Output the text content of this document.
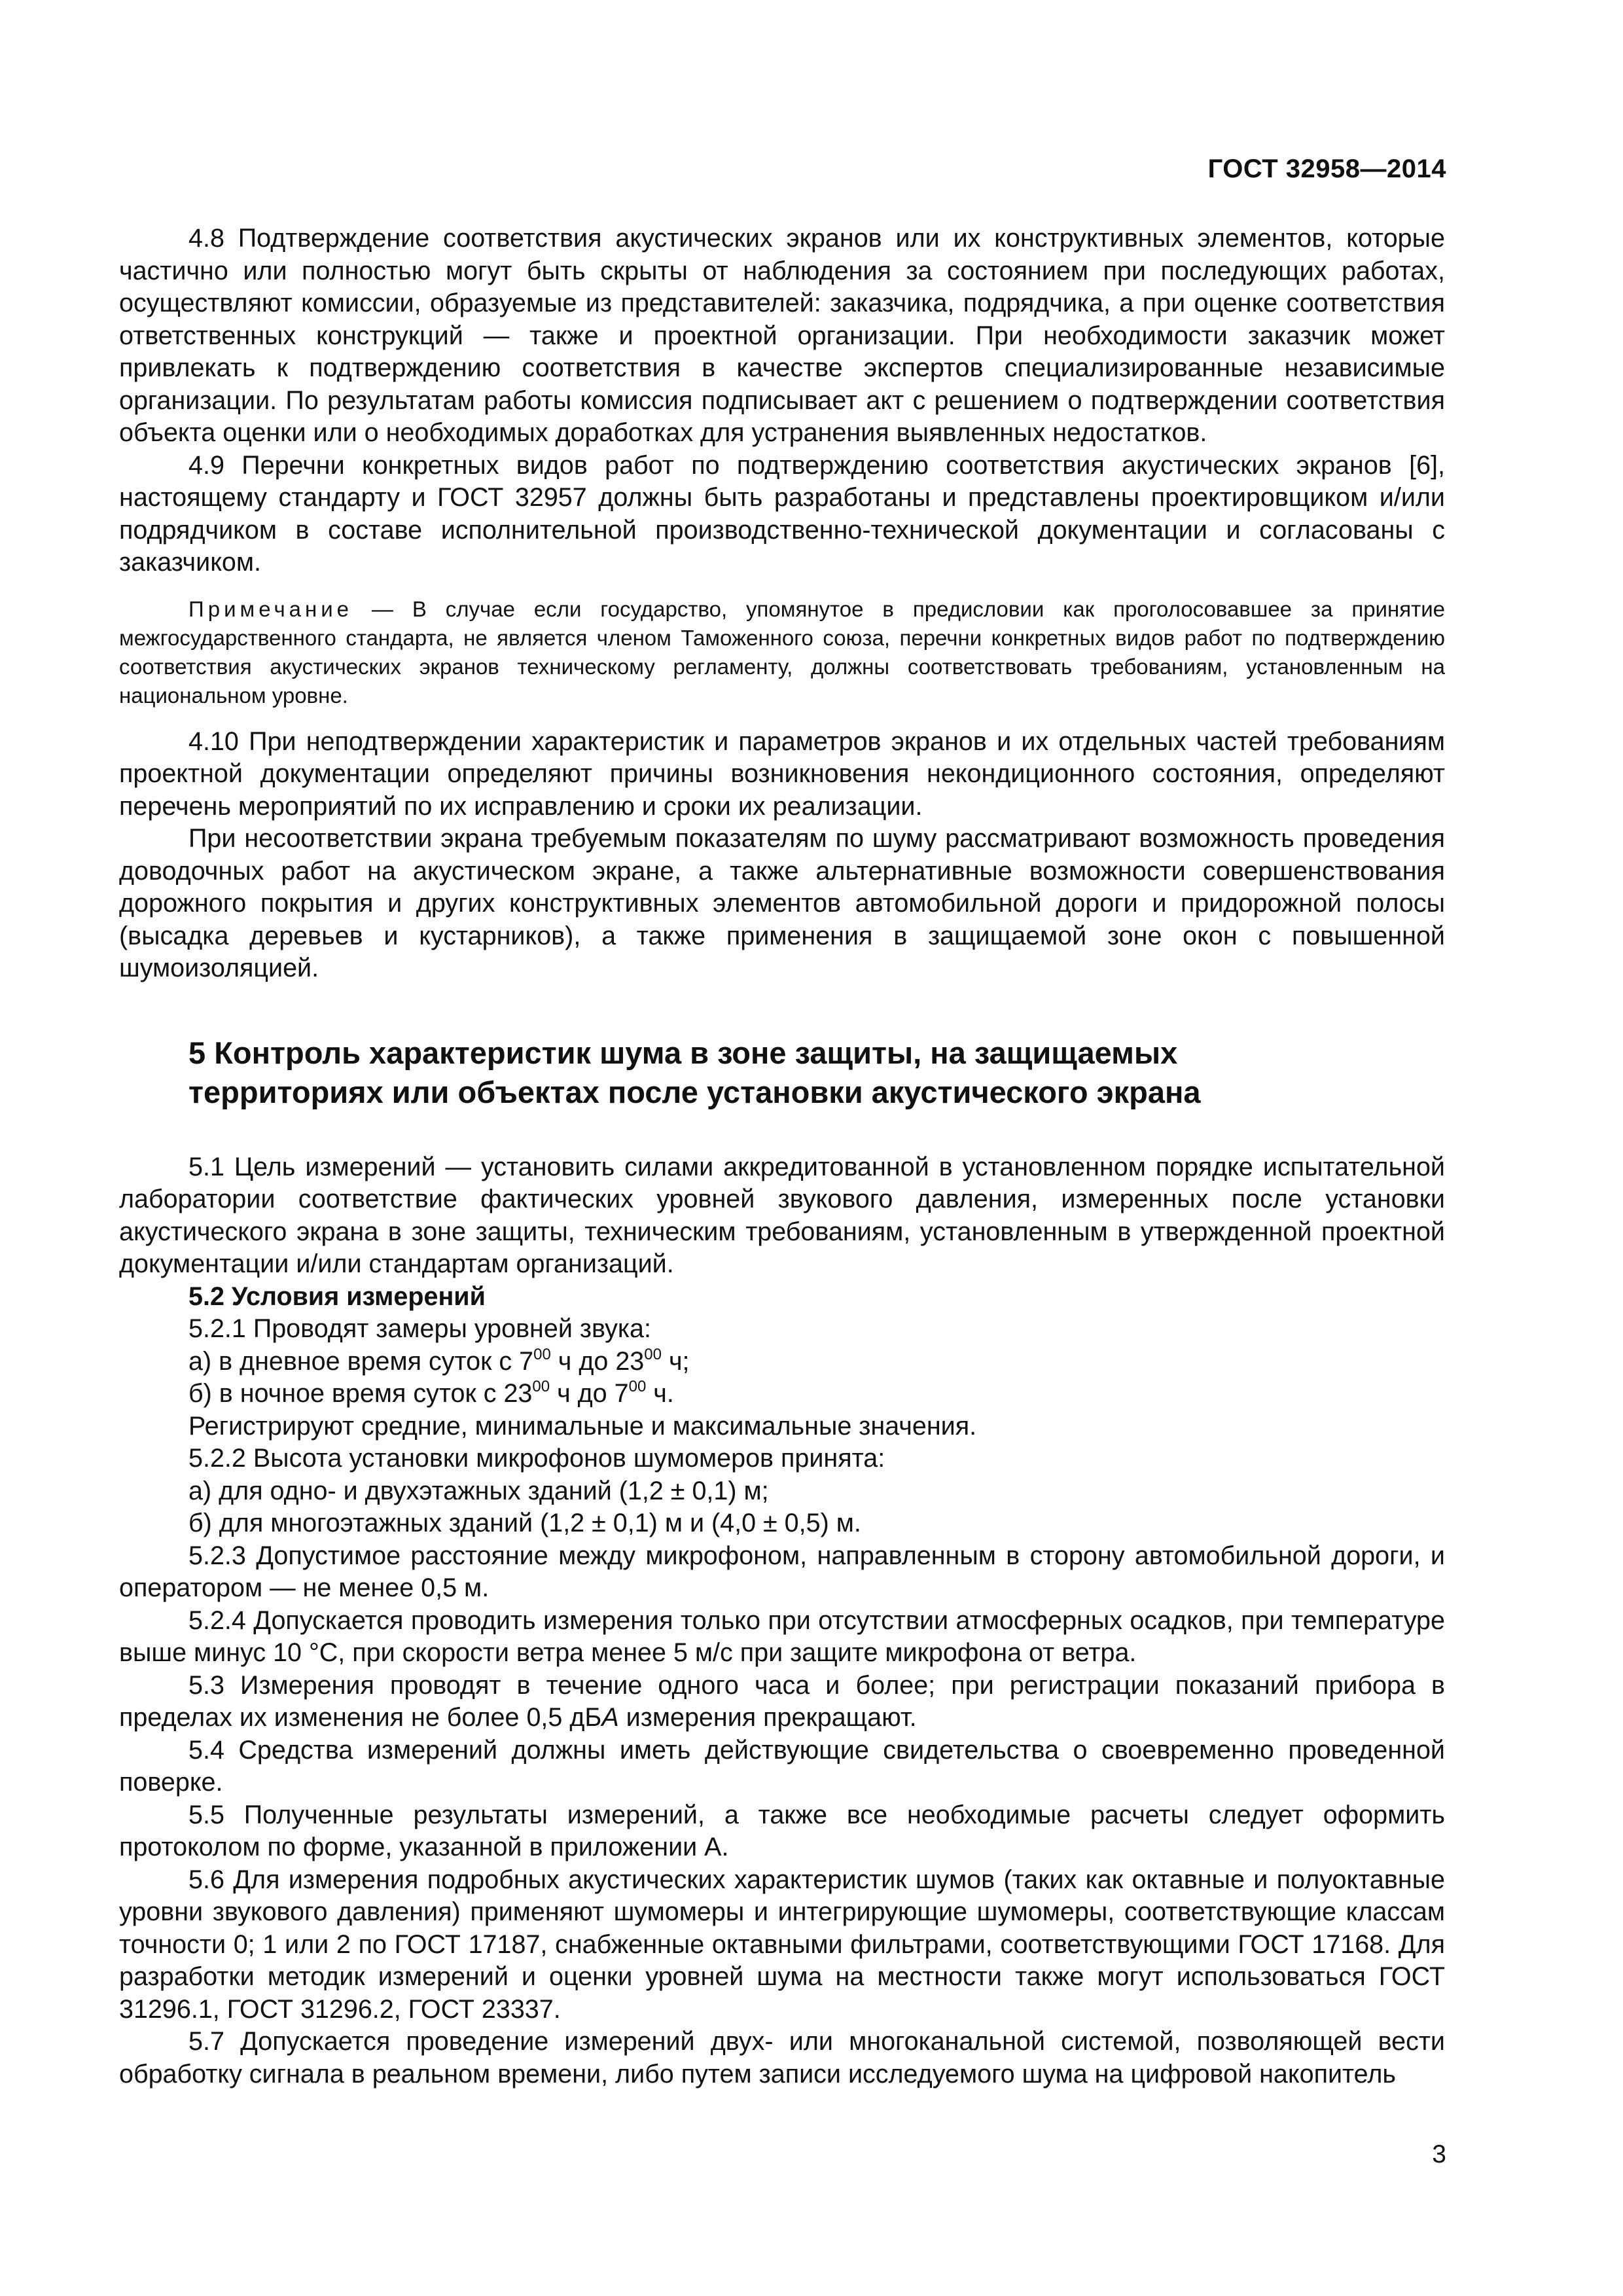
ГОСТ 32958—2014

4.8 Подтверждение соответствия акустических экранов или их конструктивных элементов, которые частично или полностью могут быть скрыты от наблюдения за состоянием при последующих работах, осуществляют комиссии, образуемые из представителей: заказчика, подрядчика, а при оценке соответствия ответственных конструкций — также и проектной организации. При необходимости заказчик может привлекать к подтверждению соответствия в качестве экспертов специализированные независимые организации. По результатам работы комиссия подписывает акт с решением о подтверждении соответствия объекта оценки или о необходимых доработках для устранения выявленных недостатков.

4.9 Перечни конкретных видов работ по подтверждению соответствия акустических экранов [6], настоящему стандарту и ГОСТ 32957 должны быть разработаны и представлены проектировщиком и/или подрядчиком в составе исполнительной производственно-технической документации и согласованы с заказчиком.

Примечание — В случае если государство, упомянутое в предисловии как проголосовавшее за принятие межгосударственного стандарта, не является членом Таможенного союза, перечни конкретных видов работ по подтверждению соответствия акустических экранов техническому регламенту, должны соответствовать требованиям, установленным на национальном уровне.

4.10 При неподтверждении характеристик и параметров экранов и их отдельных частей требованиям проектной документации определяют причины возникновения некондиционного состояния, определяют перечень мероприятий по их исправлению и сроки их реализации.

При несоответствии экрана требуемым показателям по шуму рассматривают возможность проведения доводочных работ на акустическом экране, а также альтернативные возможности совершенствования дорожного покрытия и других конструктивных элементов автомобильной дороги и придорожной полосы (высадка деревьев и кустарников), а также применения в защищаемой зоне окон с повышенной шумоизоляцией.

5 Контроль характеристик шума в зоне защиты, на защищаемых
территориях или объектах после установки акустического экрана

5.1 Цель измерений — установить силами аккредитованной в установленном порядке испытательной лаборатории соответствие фактических уровней звукового давления, измеренных после установки акустического экрана в зоне защиты, техническим требованиям, установленным в утвержденной проектной документации и/или стандартам организаций.

5.2 Условия измерений

5.2.1 Проводят замеры уровней звука:

а) в дневное время суток с $7^{00}$ ч до $23^{00}$ ч;

б) в ночное время суток с $23^{00}$ ч до $7^{00}$ ч.

Регистрируют средние, минимальные и максимальные значения.

5.2.2 Высота установки микрофонов шумомеров принята:

а) для одно- и двухэтажных зданий (1,2 ± 0,1) м;

б) для многоэтажных зданий (1,2 ± 0,1) м и (4,0 ± 0,5) м.

5.2.3 Допустимое расстояние между микрофоном, направленным в сторону автомобильной дороги, и оператором — не менее 0,5 м.

5.2.4 Допускается проводить измерения только при отсутствии атмосферных осадков, при температуре выше минус 10 °С, при скорости ветра менее 5 м/с при защите микрофона от ветра.

5.3 Измерения проводят в течение одного часа и более; при регистрации показаний прибора в пределах их изменения не более 0,5 дБА измерения прекращают.

5.4 Средства измерений должны иметь действующие свидетельства о своевременно проведенной поверке.

5.5 Полученные результаты измерений, а также все необходимые расчеты следует оформить протоколом по форме, указанной в приложении А.

5.6 Для измерения подробных акустических характеристик шумов (таких как октавные и полуоктавные уровни звукового давления) применяют шумомеры и интегрирующие шумомеры, соответствующие классам точности 0; 1 или 2 по ГОСТ 17187, снабженные октавными фильтрами, соответствующими ГОСТ 17168. Для разработки методик измерений и оценки уровней шума на местности также могут использоваться ГОСТ 31296.1, ГОСТ 31296.2, ГОСТ 23337.

5.7 Допускается проведение измерений двух- или многоканальной системой, позволяющей вести обработку сигнала в реальном времени, либо путем записи исследуемого шума на цифровой накопитель

3
